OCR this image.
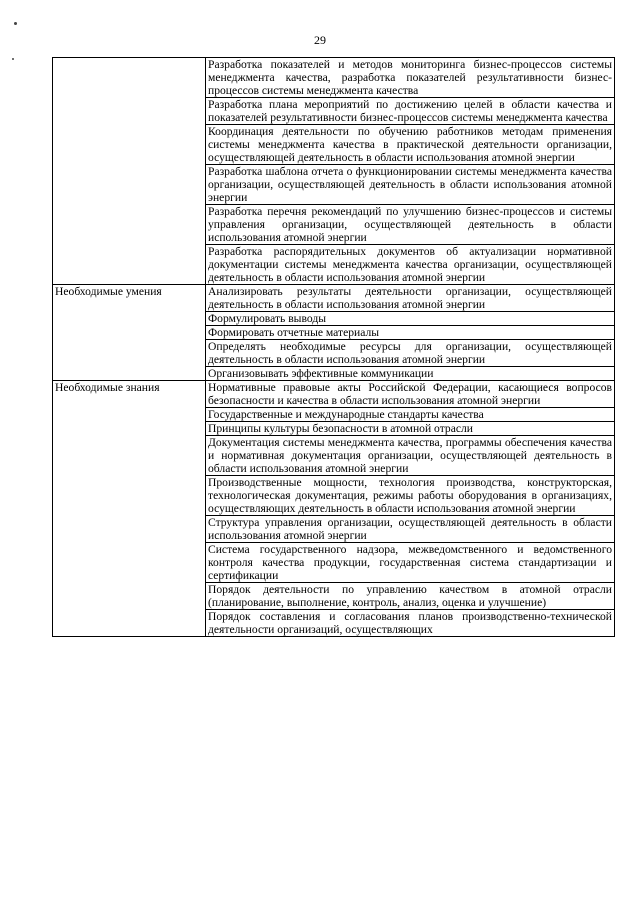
29
	Разработка показателей и методов мониторинга бизнес-процессов системы менеджмента качества, разработка показателей результативности бизнес-процессов системы менеджмента качества
	Разработка плана мероприятий по достижению целей в области качества и показателей результативности бизнес-процессов системы менеджмента качества
	Координация деятельности по обучению работников методам применения системы менеджмента качества в практической деятельности организации, осуществляющей деятельность в области использования атомной энергии
	Разработка шаблона отчета о функционировании системы менеджмента качества организации, осуществляющей деятельность в области использования атомной энергии
	Разработка перечня рекомендаций по улучшению бизнес-процессов и системы управления организации, осуществляющей деятельность в области использования атомной энергии
	Разработка распорядительных документов об актуализации нормативной документации системы менеджмента качества организации, осуществляющей деятельность в области использования атомной энергии
Необходимые умения	Анализировать результаты деятельности организации, осуществляющей деятельность в области использования атомной энергии
	Формулировать выводы
	Формировать отчетные материалы
	Определять необходимые ресурсы для организации, осуществляющей деятельность в области использования атомной энергии
	Организовывать эффективные коммуникации
Необходимые знания	Нормативные правовые акты Российской Федерации, касающиеся вопросов безопасности и качества в области использования атомной энергии
	Государственные и международные стандарты качества
	Принципы культуры безопасности в атомной отрасли
	Документация системы менеджмента качества, программы обеспечения качества и нормативная документация организации, осуществляющей деятельность в области использования атомной энергии
	Производственные мощности, технология производства, конструкторская, технологическая документация, режимы работы оборудования в организациях, осуществляющих деятельность в области использования атомной энергии
	Структура управления организации, осуществляющей деятельность в области использования атомной энергии
	Система государственного надзора, межведомственного и ведомственного контроля качества продукции, государственная система стандартизации и сертификации
	Порядок деятельности по управлению качеством в атомной отрасли (планирование, выполнение, контроль, анализ, оценка и улучшение)
	Порядок составления и согласования планов производственно-технической деятельности организаций, осуществляющих
